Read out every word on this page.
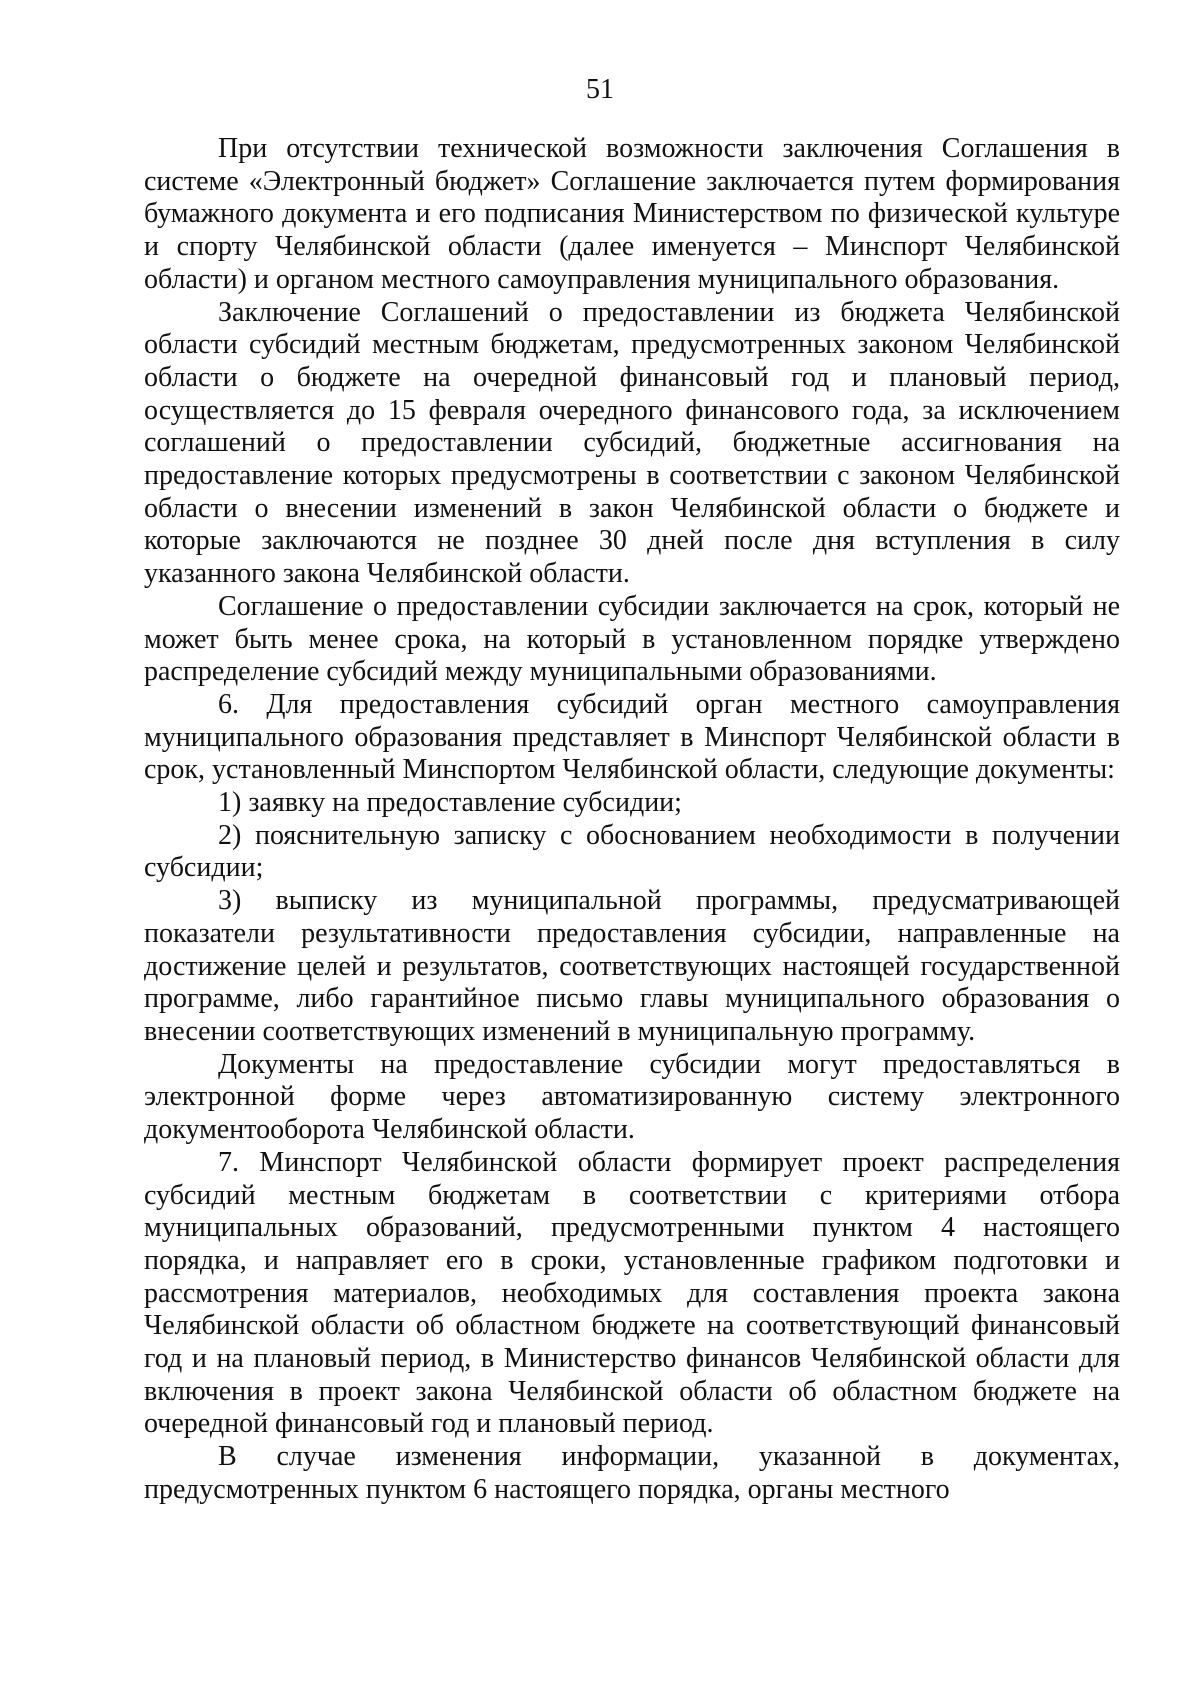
51

При отсутствии технической возможности заключения Соглашения в системе «Электронный бюджет» Соглашение заключается путем формирования бумажного документа и его подписания Министерством по физической культуре и спорту Челябинской области (далее именуется – Минспорт Челябинской области) и органом местного самоуправления муниципального образования.

Заключение Соглашений о предоставлении из бюджета Челябинской области субсидий местным бюджетам, предусмотренных законом Челябинской области о бюджете на очередной финансовый год и плановый период, осуществляется до 15 февраля очередного финансового года, за исключением соглашений о предоставлении субсидий, бюджетные ассигнования на предоставление которых предусмотрены в соответствии с законом Челябинской области о внесении изменений в закон Челябинской области о бюджете и которые заключаются не позднее 30 дней после дня вступления в силу указанного закона Челябинской области.

Соглашение о предоставлении субсидии заключается на срок, который не может быть менее срока, на который в установленном порядке утверждено распределение субсидий между муниципальными образованиями.

6. Для предоставления субсидий орган местного самоуправления муниципального образования представляет в Минспорт Челябинской области в срок, установленный Минспортом Челябинской области, следующие документы:

1) заявку на предоставление субсидии;

2) пояснительную записку с обоснованием необходимости в получении субсидии;

3) выписку из муниципальной программы, предусматривающей показатели результативности предоставления субсидии, направленные на достижение целей и результатов, соответствующих настоящей государственной программе, либо гарантийное письмо главы муниципального образования о внесении соответствующих изменений в муниципальную программу.

Документы на предоставление субсидии могут предоставляться в электронной форме через автоматизированную систему электронного документооборота Челябинской области.

7. Минспорт Челябинской области формирует проект распределения субсидий местным бюджетам в соответствии с критериями отбора муниципальных образований, предусмотренными пунктом 4 настоящего порядка, и направляет его в сроки, установленные графиком подготовки и рассмотрения материалов, необходимых для составления проекта закона Челябинской области об областном бюджете на соответствующий финансовый год и на плановый период, в Министерство финансов Челябинской области для включения в проект закона Челябинской области об областном бюджете на очередной финансовый год и плановый период.

В случае изменения информации, указанной в документах, предусмотренных пунктом 6 настоящего порядка, органы местного
